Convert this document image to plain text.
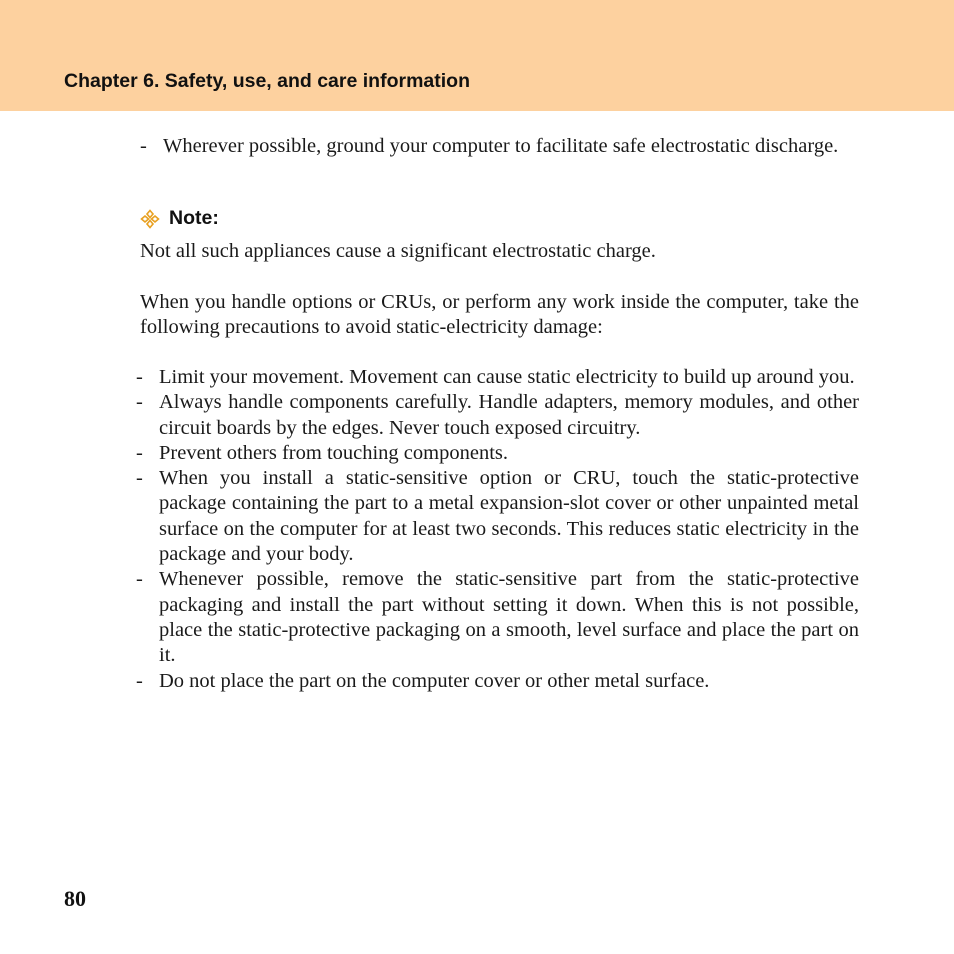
Chapter 6. Safety, use, and care information
- Wherever possible, ground your computer to facilitate safe electrostatic discharge.
Note:
Not all such appliances cause a significant electrostatic charge.
When you handle options or CRUs, or perform any work inside the computer, take the following precautions to avoid static-electricity damage:
- Limit your movement. Movement can cause static electricity to build up around you.
- Always handle components carefully. Handle adapters, memory modules, and other circuit boards by the edges. Never touch exposed circuitry.
- Prevent others from touching components.
- When you install a static-sensitive option or CRU, touch the static-protective package containing the part to a metal expansion-slot cover or other unpainted metal surface on the computer for at least two seconds. This reduces static electricity in the package and your body.
- Whenever possible, remove the static-sensitive part from the static-protective packaging and install the part without setting it down. When this is not possible, place the static-protective packaging on a smooth, level surface and place the part on it.
- Do not place the part on the computer cover or other metal surface.
80
